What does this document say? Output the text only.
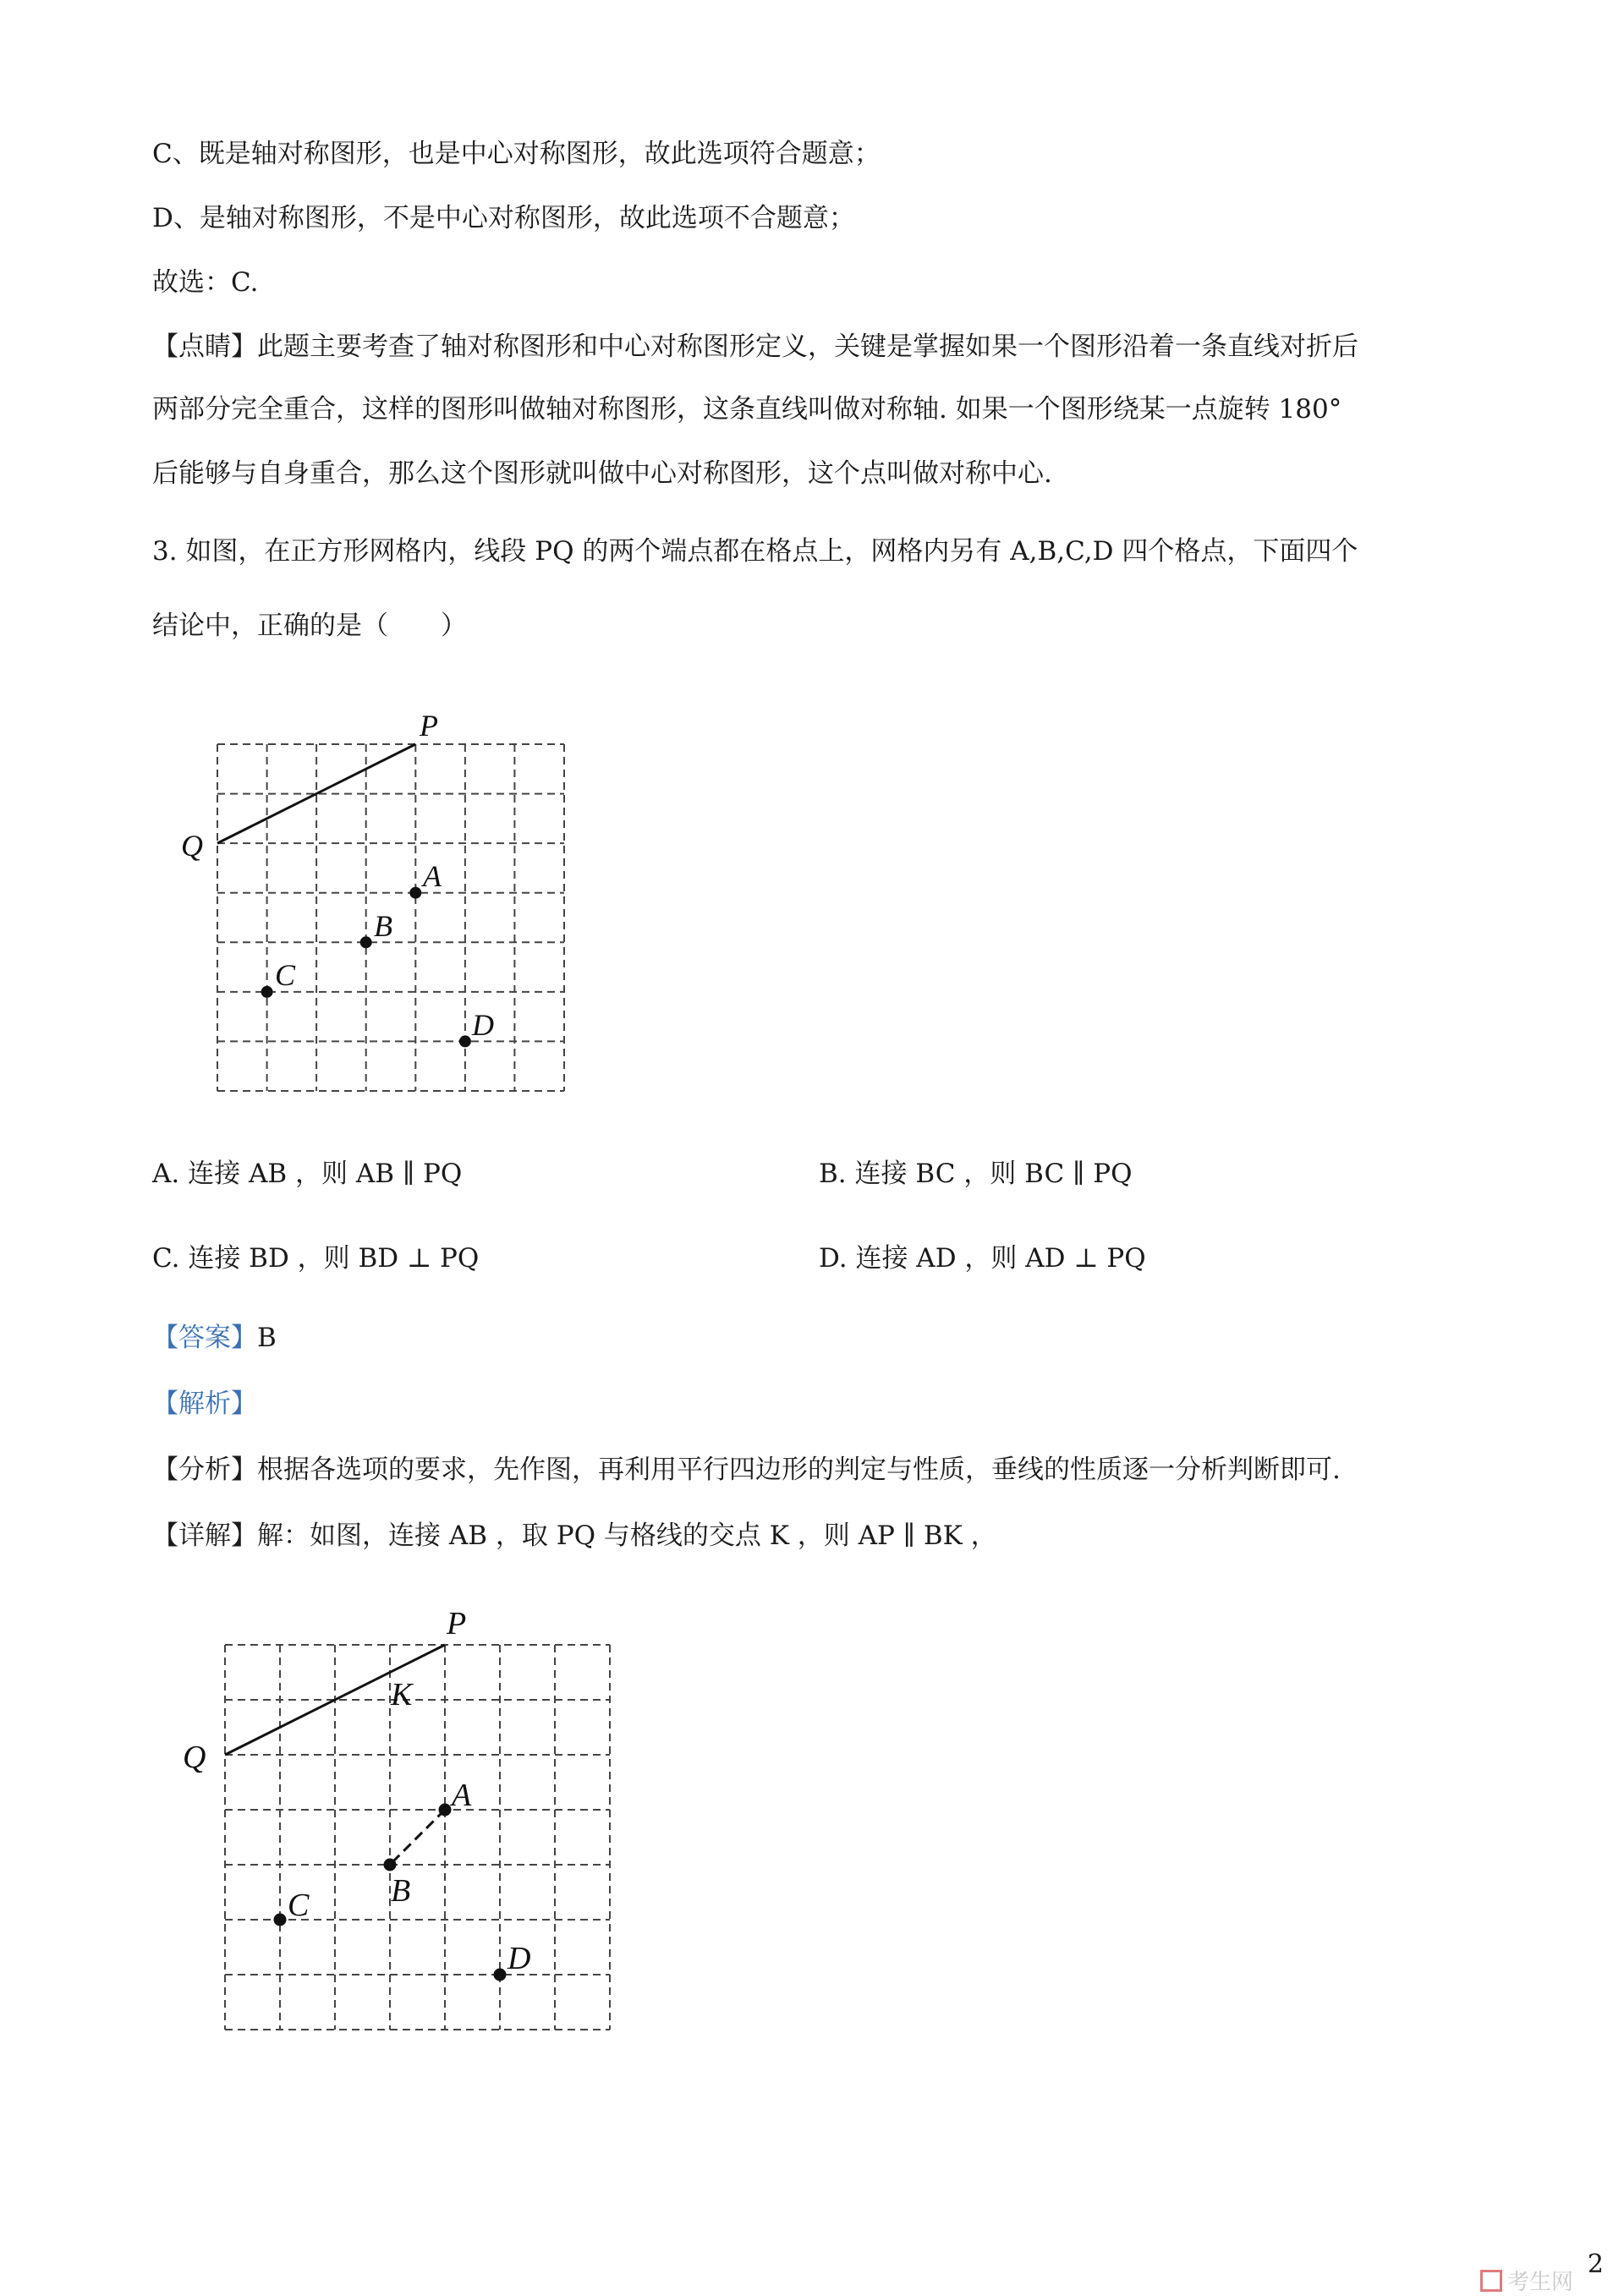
C、既是轴对称图形，也是中心对称图形，故此选项符合题意；
D、是轴对称图形，不是中心对称图形，故此选项不合题意；
故选：C.
【点睛】此题主要考查了轴对称图形和中心对称图形定义，关键是掌握如果一个图形沿着一条直线对折后
两部分完全重合，这样的图形叫做轴对称图形，这条直线叫做对称轴. 如果一个图形绕某一点旋转 180°
后能够与自身重合，那么这个图形就叫做中心对称图形，这个点叫做对称中心.
3. 如图，在正方形网格内，线段 PQ 的两个端点都在格点上，网格内另有 A,B,C,D 四个格点，下面四个
结论中，正确的是（　　）
P
Q
A
B
C
D
A. 连接 AB ，则 AB ∥ PQ	B. 连接 BC ，则 BC ∥ PQ
C. 连接 BD ，则 BD ⊥ PQ	D. 连接 AD ，则 AD ⊥ PQ
【答案】B
【解析】
【分析】根据各选项的要求，先作图，再利用平行四边形的判定与性质，垂线的性质逐一分析判断即可.
【详解】解：如图，连接 AB ，取 PQ 与格线的交点 K ，则 AP ∥ BK ，
P
Q
K
A
B
C
D
2
考生网
